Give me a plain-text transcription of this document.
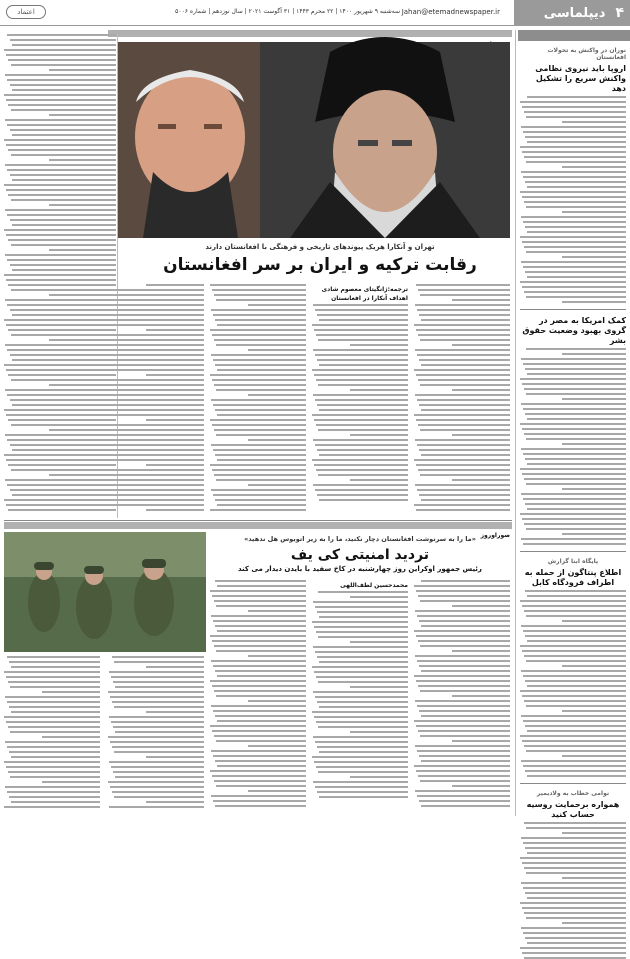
۴
دیپلماسی
Jahan@etemadnewspaper.ir
سه‌شنبه ۹ شهریور ۱۴۰۰ | ۲۲ محرم ۱۴۴۳ | ۳۱ آگوست ۲۰۲۱ | سال نوزدهم | شماره ۵۰۰۶
اعتماد
خبر
نوران در واکنش به تحولات افغانستان
اروپا باید نیروی نظامی واکنش سریع را تشکیل دهد
کمک امریکا به مصر در گروی بهبود وضعیت حقوق بشر
پایگاه ابنا گزارش
اطلاع پنتاگون از حمله به اطراف فرودگاه کابل
نوامی خطاب به ولادیمیر
همواره برحمایت روسیه حساب کنید
تهران و آنکارا هریک پیوندهای تاریخی و فرهنگی با افغانستان دارند
رقابت ترکیه و ایران بر سر افغانستان
ترجمه:ژانگیتای معصوم شادی
اهداف آنکارا در افغانستان
صوراوروز
«ما را به سرنوشت افغانستان دچار نکنید، ما را به زیر اتوبوس هل ندهید»
تردید امنیتی کی یف
رئیس جمهور اوکراین روز چهارشنبه در کاخ سفید با بایدن دیدار می کند
محمدحسین لطف‌اللهی
